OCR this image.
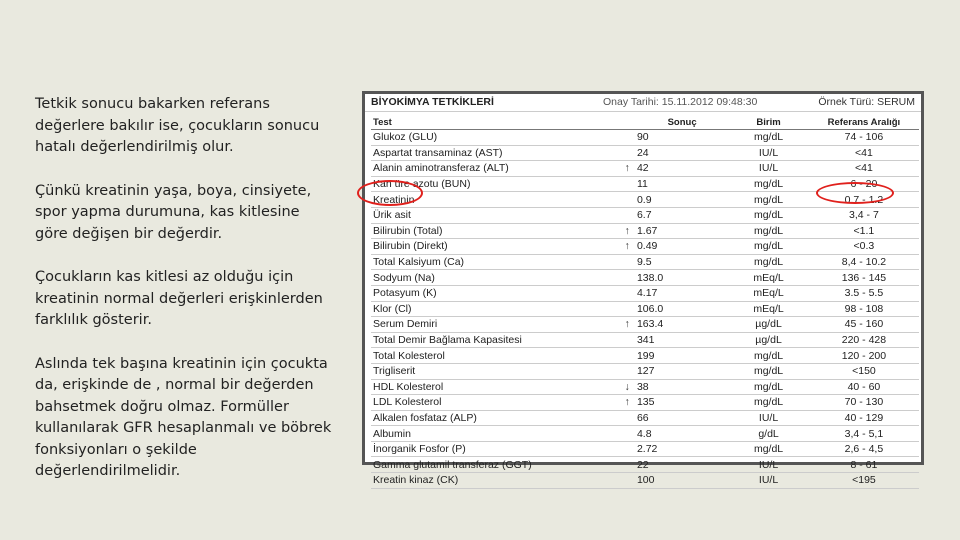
Tetkik sonucu bakarken referans değerlere bakılır ise, çocukların sonucu hatalı değerlendirilmiş olur.

Çünkü kreatinin yaşa, boya, cinsiyete, spor yapma durumuna, kas kitlesine göre değişen bir değerdir.

Çocukların kas kitlesi az olduğu için kreatinin normal değerleri erişkinlerden farklılık gösterir.

Aslında tek başına kreatinin için çocukta da, erişkinde de , normal bir değerden bahsetmek doğru olmaz. Formüller kullanılarak GFR hesaplanmalı ve böbrek fonksiyonları o şekilde değerlendirilmelidir.

BİYOKİMYA TETKİKLERİ	Onay Tarihi: 15.11.2012 09:48:30	Örnek Türü: SERUM
Test		Sonuç	Birim	Referans Aralığı
Glukoz (GLU)		90	mg/dL	74 - 106
Aspartat transaminaz (AST)		24	IU/L	<41
Alanin aminotransferaz (ALT)	↑	42	IU/L	<41
Kan üre azotu (BUN)		11	mg/dL	6 - 20
Kreatinin		0.9	mg/dL	0.7 - 1.2
Ürik asit		6.7	mg/dL	3,4 - 7
Bilirubin (Total)	↑	1.67	mg/dL	<1.1
Bilirubin (Direkt)	↑	0.49	mg/dL	<0.3
Total Kalsiyum (Ca)		9.5	mg/dL	8,4 - 10.2
Sodyum (Na)		138.0	mEq/L	136 - 145
Potasyum (K)		4.17	mEq/L	3.5 - 5.5
Klor (Cl)		106.0	mEq/L	98 - 108
Serum Demiri	↑	163.4	µg/dL	45 - 160
Total Demir Bağlama Kapasitesi		341	µg/dL	220 - 428
Total Kolesterol		199	mg/dL	120 - 200
Trigliserit		127	mg/dL	<150
HDL Kolesterol	↓	38	mg/dL	40 - 60
LDL Kolesterol	↑	135	mg/dL	70 - 130
Alkalen fosfataz (ALP)		66	IU/L	40 - 129
Albumin		4.8	g/dL	3,4 - 5,1
İnorganik Fosfor (P)		2.72	mg/dL	2,6 - 4,5
Gamma glutamil transferaz (GGT)		22	IU/L	8 - 61
Kreatin kinaz (CK)		100	IU/L	<195
